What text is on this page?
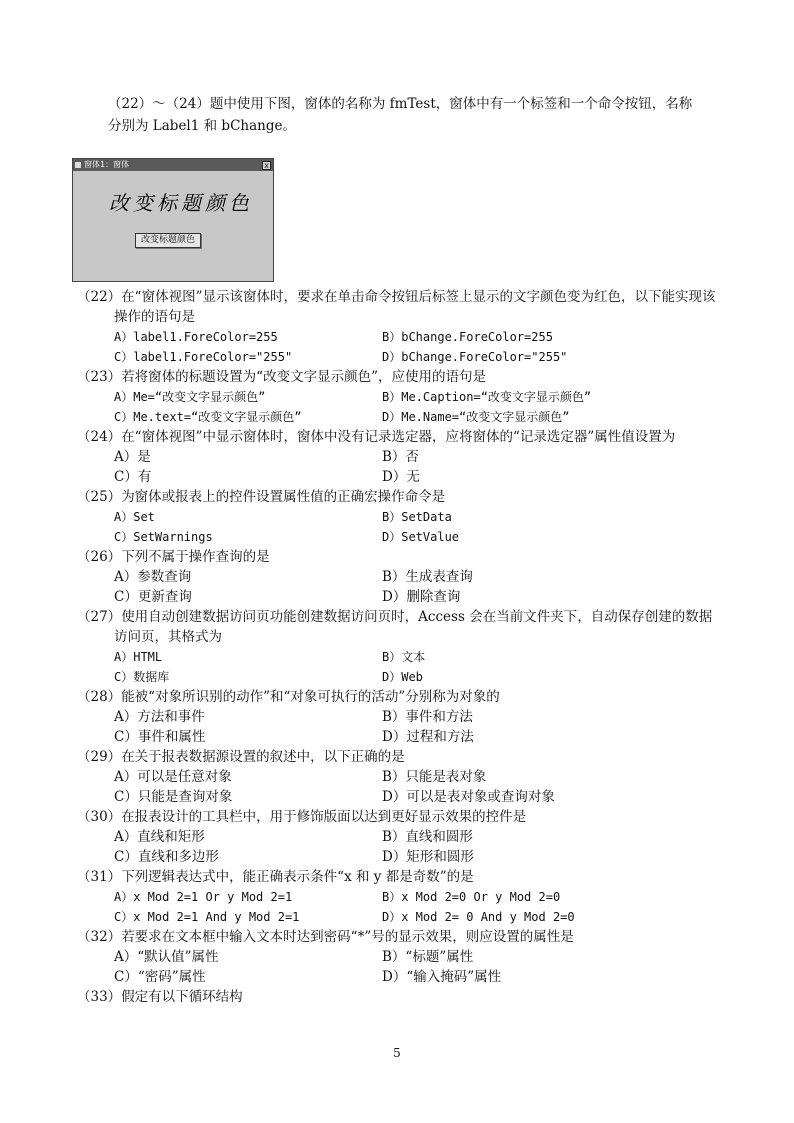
（22）～（24）题中使用下图，窗体的名称为 fmTest，窗体中有一个标签和一个命令按钮，名称

分别为 Label1 和 bChange。

窗体1：窗体	x
改变标题颜色
改变标题颜色
（22）在“窗体视图”显示该窗体时，要求在单击命令按钮后标签上显示的文字颜色变为红色，以下能实现该操作的语句是
A）label1.ForeColor=255	B）bChange.ForeColor=255
C）label1.ForeColor="255"	D）bChange.ForeColor="255"
（23）若将窗体的标题设置为“改变文字显示颜色”，应使用的语句是
A）Me=“改变文字显示颜色”	B）Me.Caption=“改变文字显示颜色”
C）Me.text=“改变文字显示颜色”	D）Me.Name=“改变文字显示颜色”
（24）在“窗体视图”中显示窗体时，窗体中没有记录选定器，应将窗体的“记录选定器”属性值设置为
A）是	B）否
C）有	D）无
（25）为窗体或报表上的控件设置属性值的正确宏操作命令是
A）Set	B）SetData
C）SetWarnings	D）SetValue
（26）下列不属于操作查询的是
A）参数查询	B）生成表查询
C）更新查询	D）删除查询
（27）使用自动创建数据访问页功能创建数据访问页时，Access 会在当前文件夹下，自动保存创建的数据访问页，其格式为
A）HTML	B）文本
C）数据库	D）Web
（28）能被“对象所识别的动作”和“对象可执行的活动”分别称为对象的
A）方法和事件	B）事件和方法
C）事件和属性	D）过程和方法
（29）在关于报表数据源设置的叙述中，以下正确的是
A）可以是任意对象	B）只能是表对象
C）只能是查询对象	D）可以是表对象或查询对象
（30）在报表设计的工具栏中，用于修饰版面以达到更好显示效果的控件是
A）直线和矩形	B）直线和圆形
C）直线和多边形	D）矩形和圆形
（31）下列逻辑表达式中，能正确表示条件“x 和 y 都是奇数”的是
A）x Mod 2=1 Or y Mod 2=1	B）x Mod 2=0 Or y Mod 2=0
C）x Mod 2=1 And y Mod 2=1	D）x Mod 2= 0 And y Mod 2=0
（32）若要求在文本框中输入文本时达到密码“*”号的显示效果，则应设置的属性是
A）“默认值”属性	B）“标题”属性
C）“密码”属性	D）“输入掩码”属性
（33）假定有以下循环结构
5
